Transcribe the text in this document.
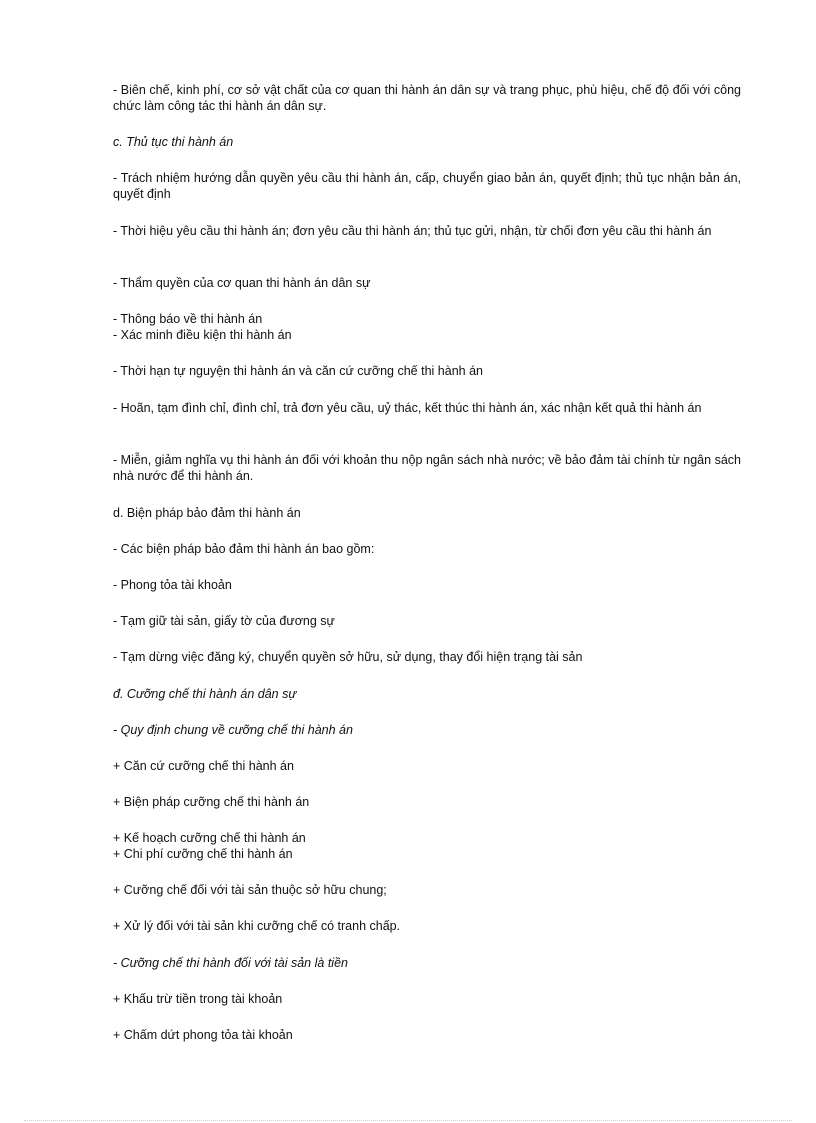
- Biên chế, kinh phí, cơ sở vật chất của cơ quan thi hành án dân sự và trang phục, phù hiệu, chế độ đối với công chức làm công tác thi hành án dân sự.

c. Thủ tục thi hành án

- Trách nhiệm hướng dẫn quyền yêu cầu thi hành án, cấp, chuyển giao bản án, quyết định; thủ tục nhận bản án, quyết định

- Thời hiệu yêu cầu thi hành án; đơn yêu cầu thi hành án; thủ tục gửi, nhận, từ chối đơn yêu cầu thi hành án

- Thẩm quyền của cơ quan thi hành án dân sự

- Thông báo về thi hành án

- Xác minh điều kiện thi hành án

- Thời hạn tự nguyện thi hành án và căn cứ cưỡng chế thi hành án

- Hoãn, tạm đình chỉ, đình chỉ, trả đơn yêu cầu, uỷ thác, kết thúc thi hành án, xác nhận kết quả thi hành án

- Miễn, giảm nghĩa vụ thi hành án đối với khoản thu nộp ngân sách nhà nước; về bảo đảm tài chính từ ngân sách nhà nước để thi hành án.

d. Biện pháp bảo đảm thi hành án

- Các biện pháp bảo đảm thi hành án bao gồm:

- Phong tỏa tài khoản

- Tạm giữ tài sản, giấy tờ của đương sự

- Tạm dừng việc đăng ký, chuyển quyền sở hữu, sử dụng, thay đổi hiện trạng tài sản

đ. Cưỡng chế thi hành án dân sự

- Quy định chung về cưỡng chế thi hành án

+ Căn cứ cưỡng chế thi hành án

+ Biện pháp cưỡng chế thi hành án

+ Kế hoạch cưỡng chế thi hành án

+ Chi phí cưỡng chế thi hành án

+ Cưỡng chế đối với tài sản thuộc sở hữu chung;

+ Xử lý đối với tài sản khi cưỡng chế có tranh chấp.

- Cưỡng chế thi hành đối với tài sản là tiền

+ Khấu trừ tiền trong tài khoản

+ Chấm dứt phong tỏa tài khoản
